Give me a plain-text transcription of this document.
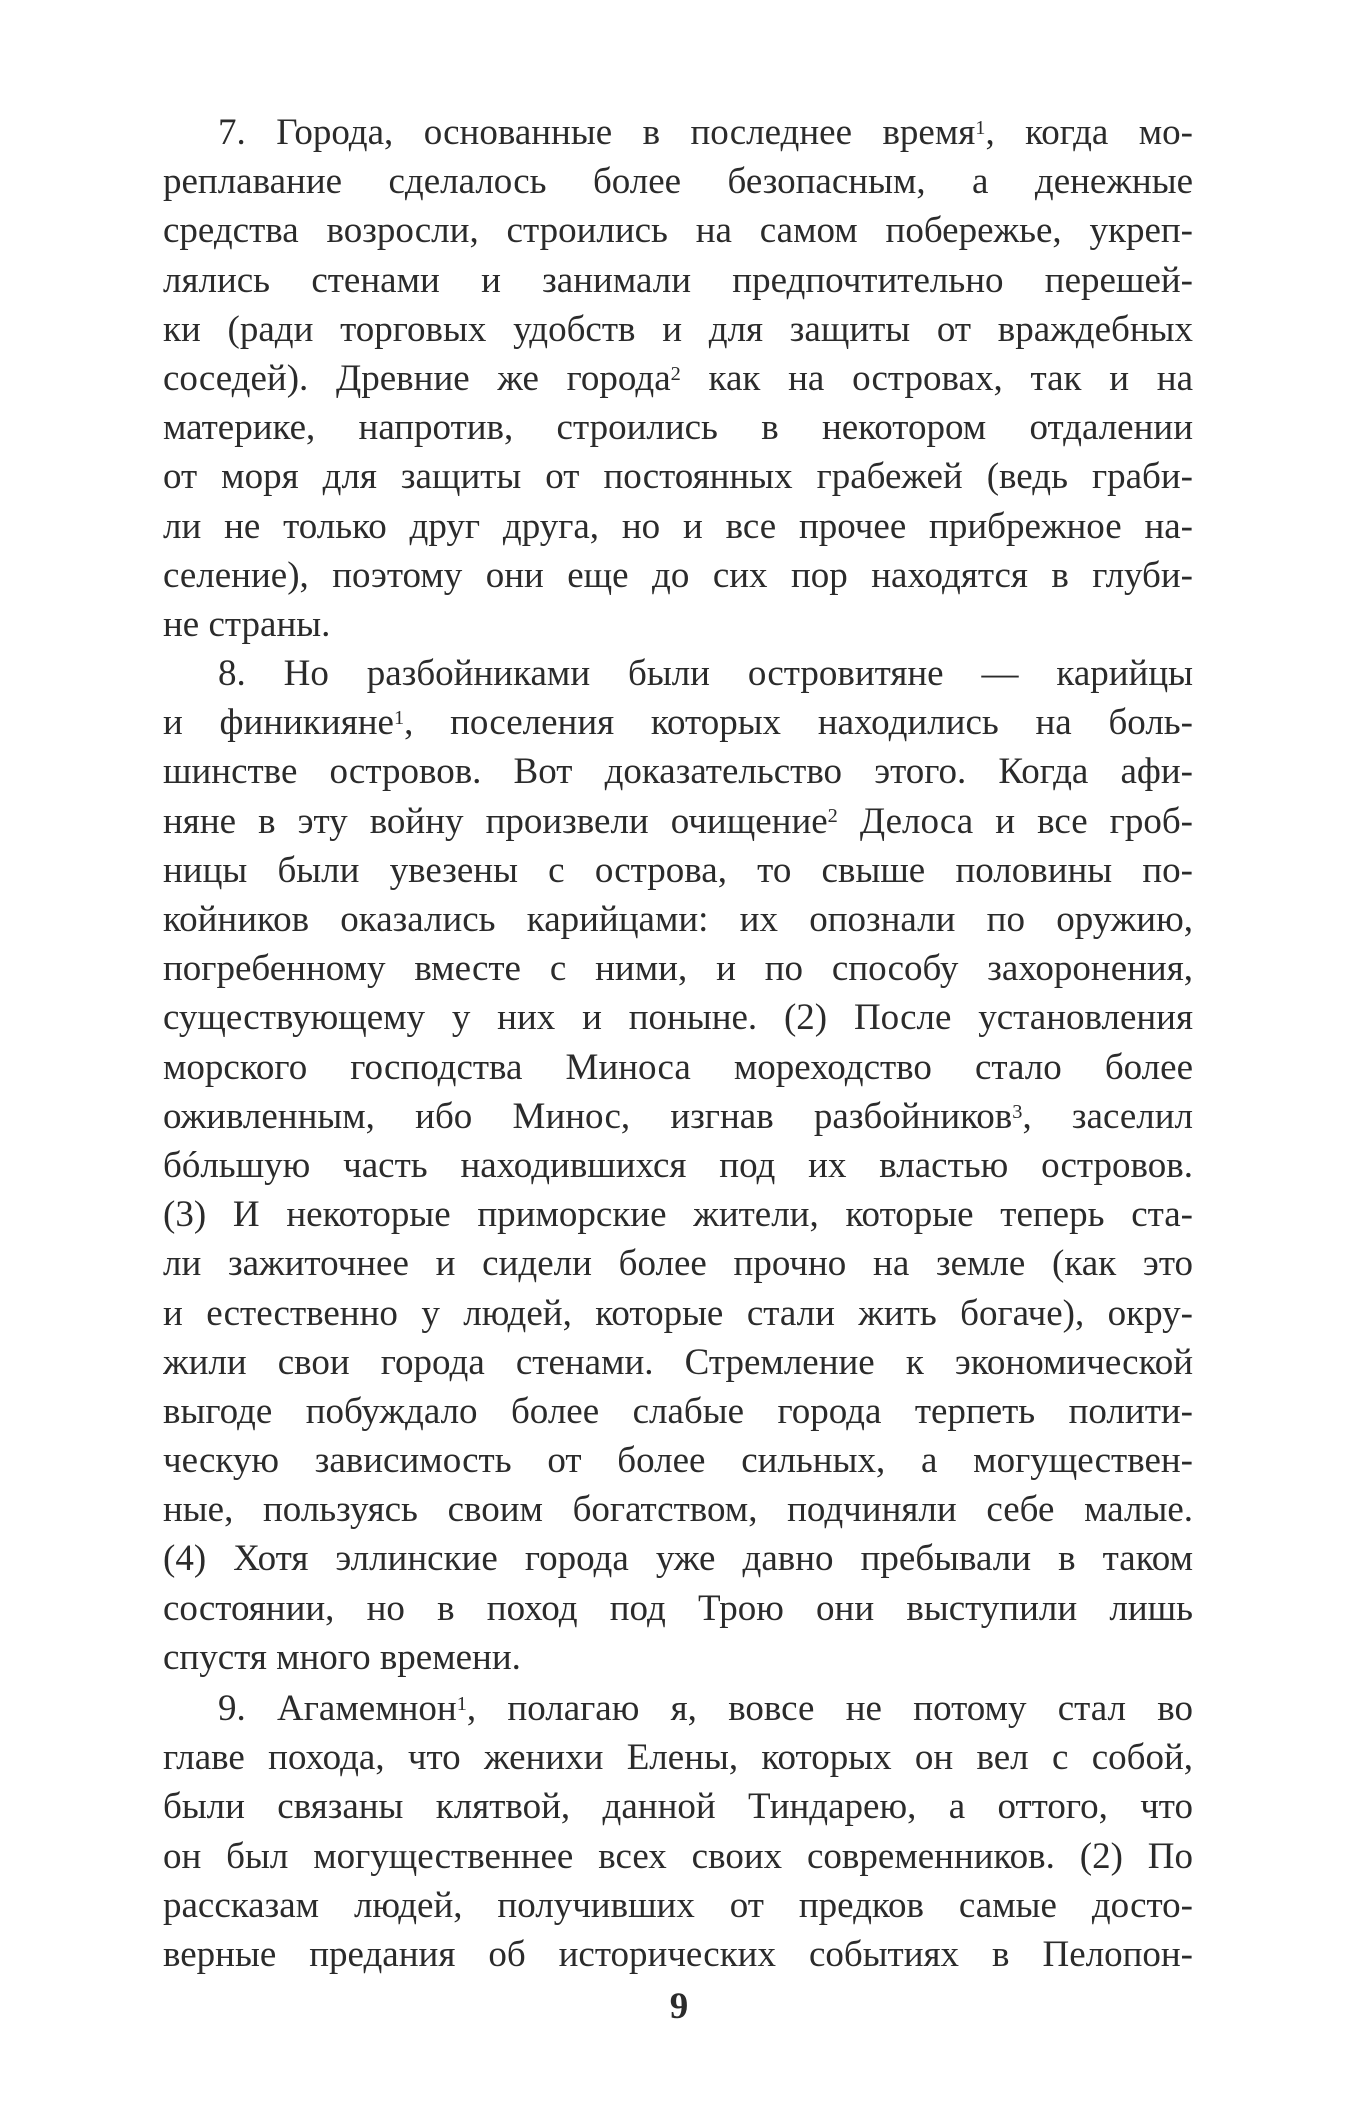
7. Города, основанные в последнее время$^1$, когда мо-
реплавание сделалось более безопасным, а денежные
средства возросли, строились на самом побережье, укреп-
лялись стенами и занимали предпочтительно перешей-
ки (ради торговых удобств и для защиты от враждебных
соседей). Древние же города$^2$ как на островах, так и на
материке, напротив, строились в некотором отдалении
от моря для защиты от постоянных грабежей (ведь граби-
ли не только друг друга, но и все прочее прибрежное на-
селение), поэтому они еще до сих пор находятся в глуби-
не страны.
8. Но разбойниками были островитяне — карийцы
и финикияне$^1$, поселения которых находились на боль-
шинстве островов. Вот доказательство этого. Когда афи-
няне в эту войну произвели очищение$^2$ Делоса и все гроб-
ницы были увезены с острова, то свыше половины по-
койников оказались карийцами: их опознали по оружию,
погребенному вместе с ними, и по способу захоронения,
существующему у них и поныне. (2) После установления
морского господства Миноса мореходство стало более
оживленным, ибо Минос, изгнав разбойников$^3$, заселил
бóльшую часть находившихся под их властью островов.
(3) И некоторые приморские жители, которые теперь ста-
ли зажиточнее и сидели более прочно на земле (как это
и естественно у людей, которые стали жить богаче), окру-
жили свои города стенами. Стремление к экономической
выгоде побуждало более слабые города терпеть полити-
ческую зависимость от более сильных, а могуществен-
ные, пользуясь своим богатством, подчиняли себе малые.
(4) Хотя эллинские города уже давно пребывали в таком
состоянии, но в поход под Трою они выступили лишь
спустя много времени.
9. Агамемнон$^1$, полагаю я, вовсе не потому стал во
главе похода, что женихи Елены, которых он вел с собой,
были связаны клятвой, данной Тиндарею, а оттого, что
он был могущественнее всех своих современников. (2) По
рассказам людей, получивших от предков самые досто-
верные предания об исторических событиях в Пелопон-
9
